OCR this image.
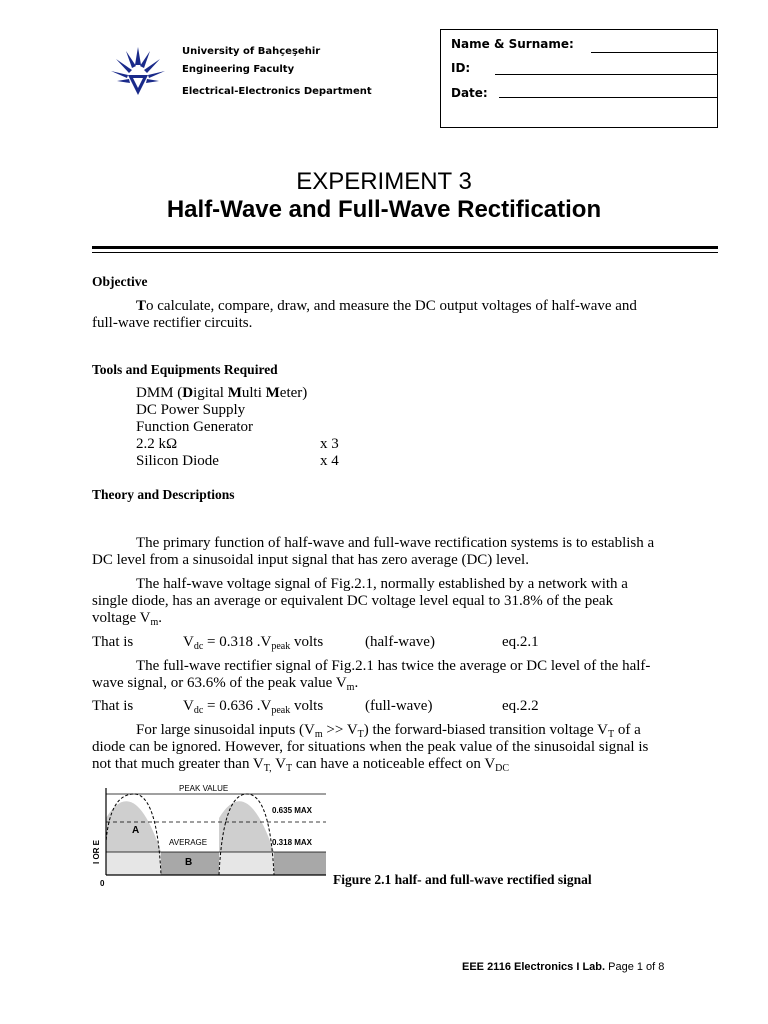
University of Bahçeşehir
Engineering Faculty
Electrical-Electronics Department
Name & Surname:
ID:
Date:
EXPERIMENT 3
Half-Wave and Full-Wave Rectification
Objective
To calculate, compare, draw, and measure the DC output voltages of half-wave and
full-wave rectifier circuits.
Tools and Equipments Required
DMM (Digital Multi Meter)
DC Power Supply
Function Generator
2.2 kΩ	x 3
Silicon Diode	x 4
Theory and Descriptions
The primary function of half-wave and full-wave rectification systems is to establish a
DC level from a sinusoidal input signal that has zero average (DC) level.
The half-wave voltage signal of Fig.2.1, normally established by a network with a
single diode, has an average or equivalent DC voltage level equal to 31.8% of the peak
voltage $V_m$.
That is	$V_{dc} = 0.318$ $.V_{peak}$ volts	(half-wave)	eq.2.1
The full-wave rectifier signal of Fig.2.1 has twice the average or DC level of the half-
wave signal, or 63.6% of the peak value $V_m$.
That is	$V_{dc} = 0.636$ $.V_{peak}$ volts	(full-wave)	eq.2.2
For large sinusoidal inputs $(V_m >> V_T)$ the forward-biased transition voltage $V_T$ of a
diode can be ignored. However, for situations when the peak value of the sinusoidal signal is
not that much greater than $V_{T,}$ $V_T$ can have a noticeable effect on $V_{DC}$
PEAK VALUE
0.635 MAX
0.318 MAX
AVERAGE
A
B
I OR E
0	Figure 2.1 half- and full-wave rectified signal
EEE 2116 Electronics I Lab. Page 1 of 8
